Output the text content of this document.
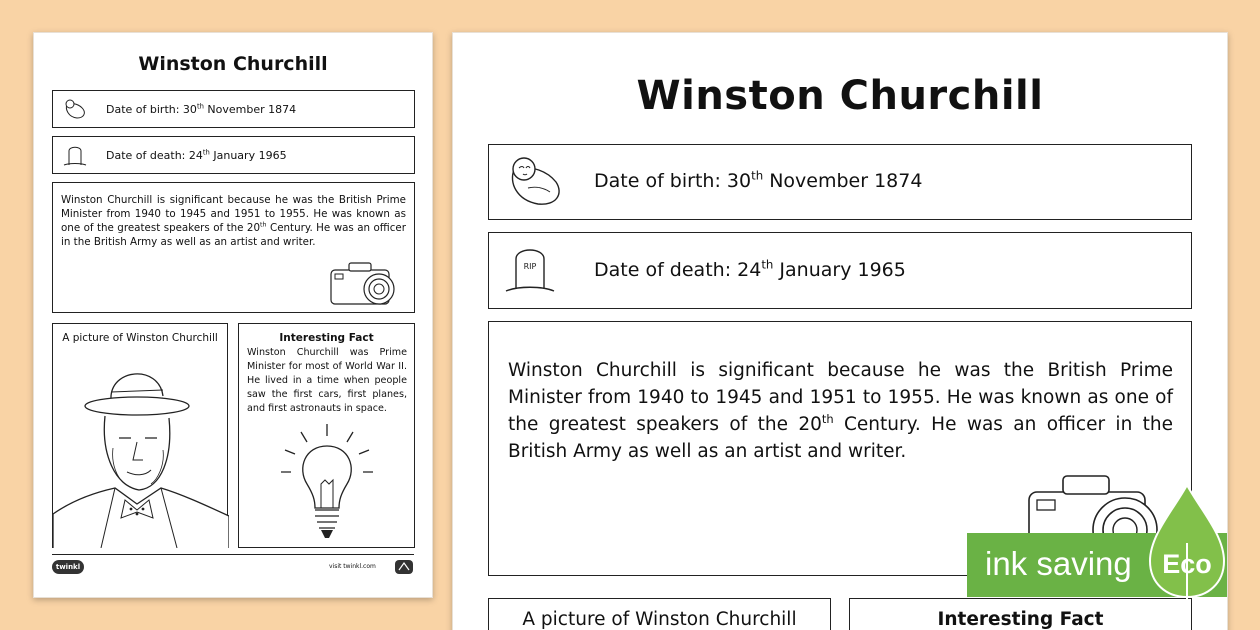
Winston Churchill
Date of birth: 30th November 1874
Date of death: 24th January 1965
Winston Churchill is significant because he was the British Prime Minister from 1940 to 1945 and 1951 to 1955. He was known as one of the greatest speakers of the 20th Century. He was an officer in the British Army as well as an artist and writer.
A picture of Winston Churchill	Interesting Fact
Winston Churchill was Prime Minister for most of World War II. He lived in a time when people saw the first cars, first planes, and first astronauts in space.
twinkl	visit twinkl.com
Winston Churchill
Date of birth: 30th November 1874
RIP	Date of death: 24th January 1965
Winston Churchill is significant because he was the British Prime Minister from 1940 to 1945 and 1951 to 1955. He was known as one of the greatest speakers of the 20th Century. He was an officer in the British Army as well as an artist and writer.
A picture of Winston Churchill	Interesting Fact
ink saving Eco
